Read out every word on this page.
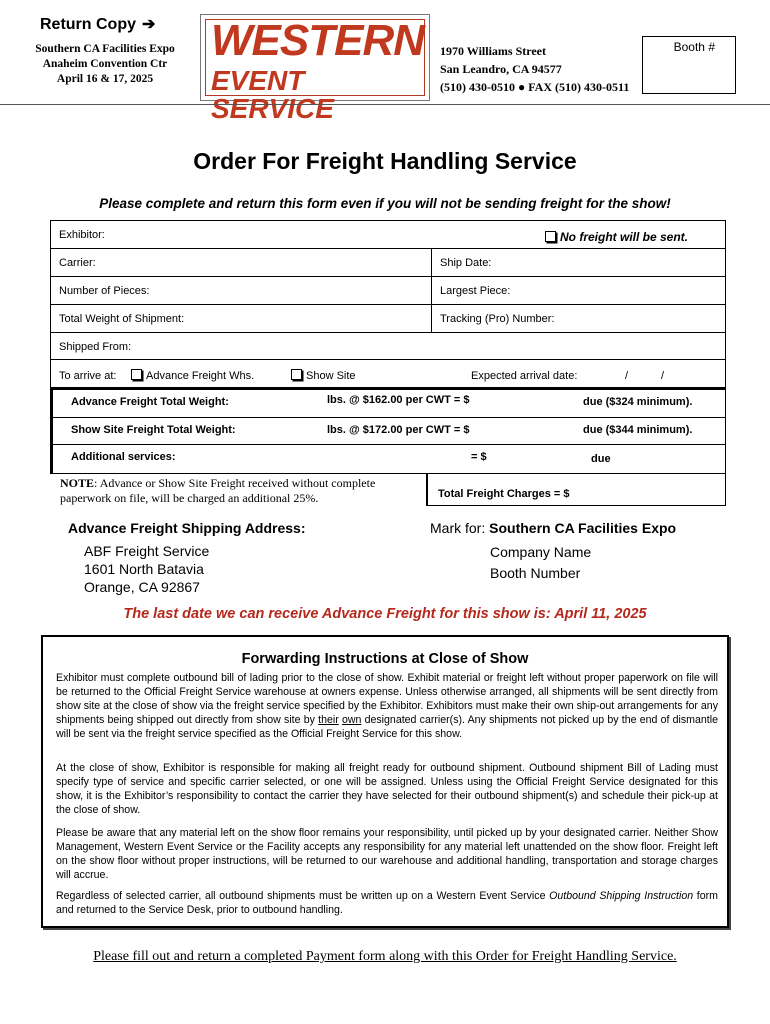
Return Copy ➔
Southern CA Facilities Expo
Anaheim Convention Ctr
April 16 & 17, 2025
WESTERN
EVENT SERVICE
1970 Williams Street
San Leandro, CA 94577
(510) 430-0510 ● FAX (510) 430-0511
Booth #
Order For Freight Handling Service
Please complete and return this form even if you will not be sending freight for the show!
Exhibitor:	No freight will be sent.
Carrier:	Ship Date:
Number of Pieces:	Largest Piece:
Total Weight of Shipment:	Tracking (Pro) Number:
Shipped From:
To arrive at:	Advance Freight Whs.	Show Site	Expected arrival date:	/	/
Advance Freight Total Weight:	lbs. @ $162.00 per CWT = $	due ($324 minimum).
Show Site Freight Total Weight:	lbs. @ $172.00 per CWT = $	due ($344 minimum).
Additional services:	= $	due
NOTE: Advance or Show Site Freight received without complete paperwork on file, will be charged an additional 25%.	Total Freight Charges = $
Advance Freight Shipping Address:
ABF Freight Service
1601 North Batavia
Orange, CA 92867
Mark for: Southern CA Facilities Expo
Company Name
Booth Number
The last date we can receive Advance Freight for this show is: April 11, 2025
Forwarding Instructions at Close of Show
Exhibitor must complete outbound bill of lading prior to the close of show. Exhibit material or freight left without proper paperwork on file will be returned to the Official Freight Service warehouse at owners expense. Unless otherwise arranged, all shipments will be sent directly from show site at the close of show via the freight service specified by the Exhibitor. Exhibitors must make their own ship-out arrangements for any shipments being shipped out directly from show site by their own designated carrier(s). Any shipments not picked up by the end of dismantle will be sent via the freight service specified as the Official Freight Service for this show.
At the close of show, Exhibitor is responsible for making all freight ready for outbound shipment. Outbound shipment Bill of Lading must specify type of service and specific carrier selected, or one will be assigned. Unless using the Official Freight Service designated for this show, it is the Exhibitor’s responsibility to contact the carrier they have selected for their outbound shipment(s) and schedule their pick-up at the close of show.
Please be aware that any material left on the show floor remains your responsibility, until picked up by your designated carrier. Neither Show Management, Western Event Service or the Facility accepts any responsibility for any material left unattended on the show floor. Freight left on the show floor without proper instructions, will be returned to our warehouse and additional handling, transportation and storage charges will accrue.
Regardless of selected carrier, all outbound shipments must be written up on a Western Event Service Outbound Shipping Instruction form and returned to the Service Desk, prior to outbound handling.
Please fill out and return a completed Payment form along with this Order for Freight Handling Service.
